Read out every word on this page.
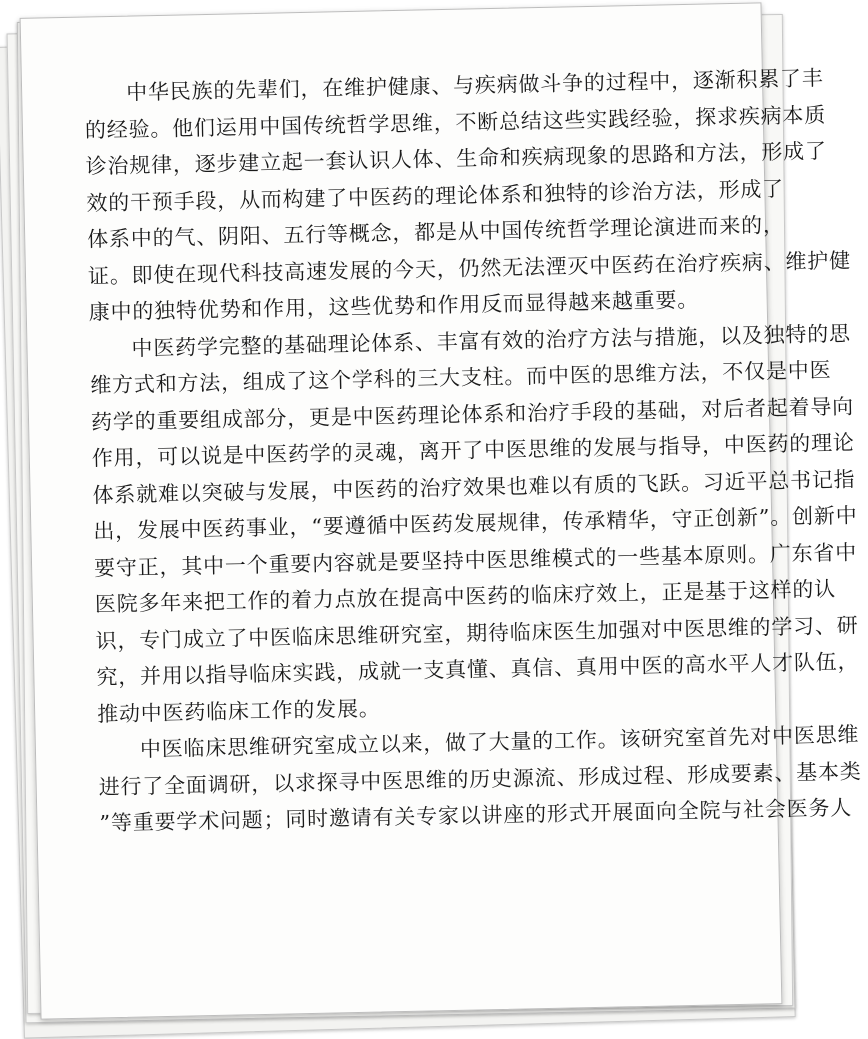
中华民族的先辈们，在维护健康、与疾病做斗争的过程中，逐渐积累了丰
的经验。他们运用中国传统哲学思维，不断总结这些实践经验，探求疾病本质
诊治规律，逐步建立起一套认识人体、生命和疾病现象的思路和方法，形成了
效的干预手段，从而构建了中医药的理论体系和独特的诊治方法，形成了
体系中的气、阴阳、五行等概念，都是从中国传统哲学理论演进而来的，
证。即使在现代科技高速发展的今天，仍然无法湮灭中医药在治疗疾病、维护健
康中的独特优势和作用，这些优势和作用反而显得越来越重要。
中医药学完整的基础理论体系、丰富有效的治疗方法与措施，以及独特的思
维方式和方法，组成了这个学科的三大支柱。而中医的思维方法，不仅是中医
药学的重要组成部分，更是中医药理论体系和治疗手段的基础，对后者起着导向
作用，可以说是中医药学的灵魂，离开了中医思维的发展与指导，中医药的理论
体系就难以突破与发展，中医药的治疗效果也难以有质的飞跃。习近平总书记指
出，发展中医药事业，“要遵循中医药发展规律，传承精华，守正创新”。创新中
要守正，其中一个重要内容就是要坚持中医思维模式的一些基本原则。广东省中
医院多年来把工作的着力点放在提高中医药的临床疗效上，正是基于这样的认
识，专门成立了中医临床思维研究室，期待临床医生加强对中医思维的学习、研
究，并用以指导临床实践，成就一支真懂、真信、真用中医的高水平人才队伍，
推动中医药临床工作的发展。
中医临床思维研究室成立以来，做了大量的工作。该研究室首先对中医思维
进行了全面调研，以求探寻中医思维的历史源流、形成过程、形成要素、基本类
”等重要学术问题；同时邀请有关专家以讲座的形式开展面向全院与社会医务人
